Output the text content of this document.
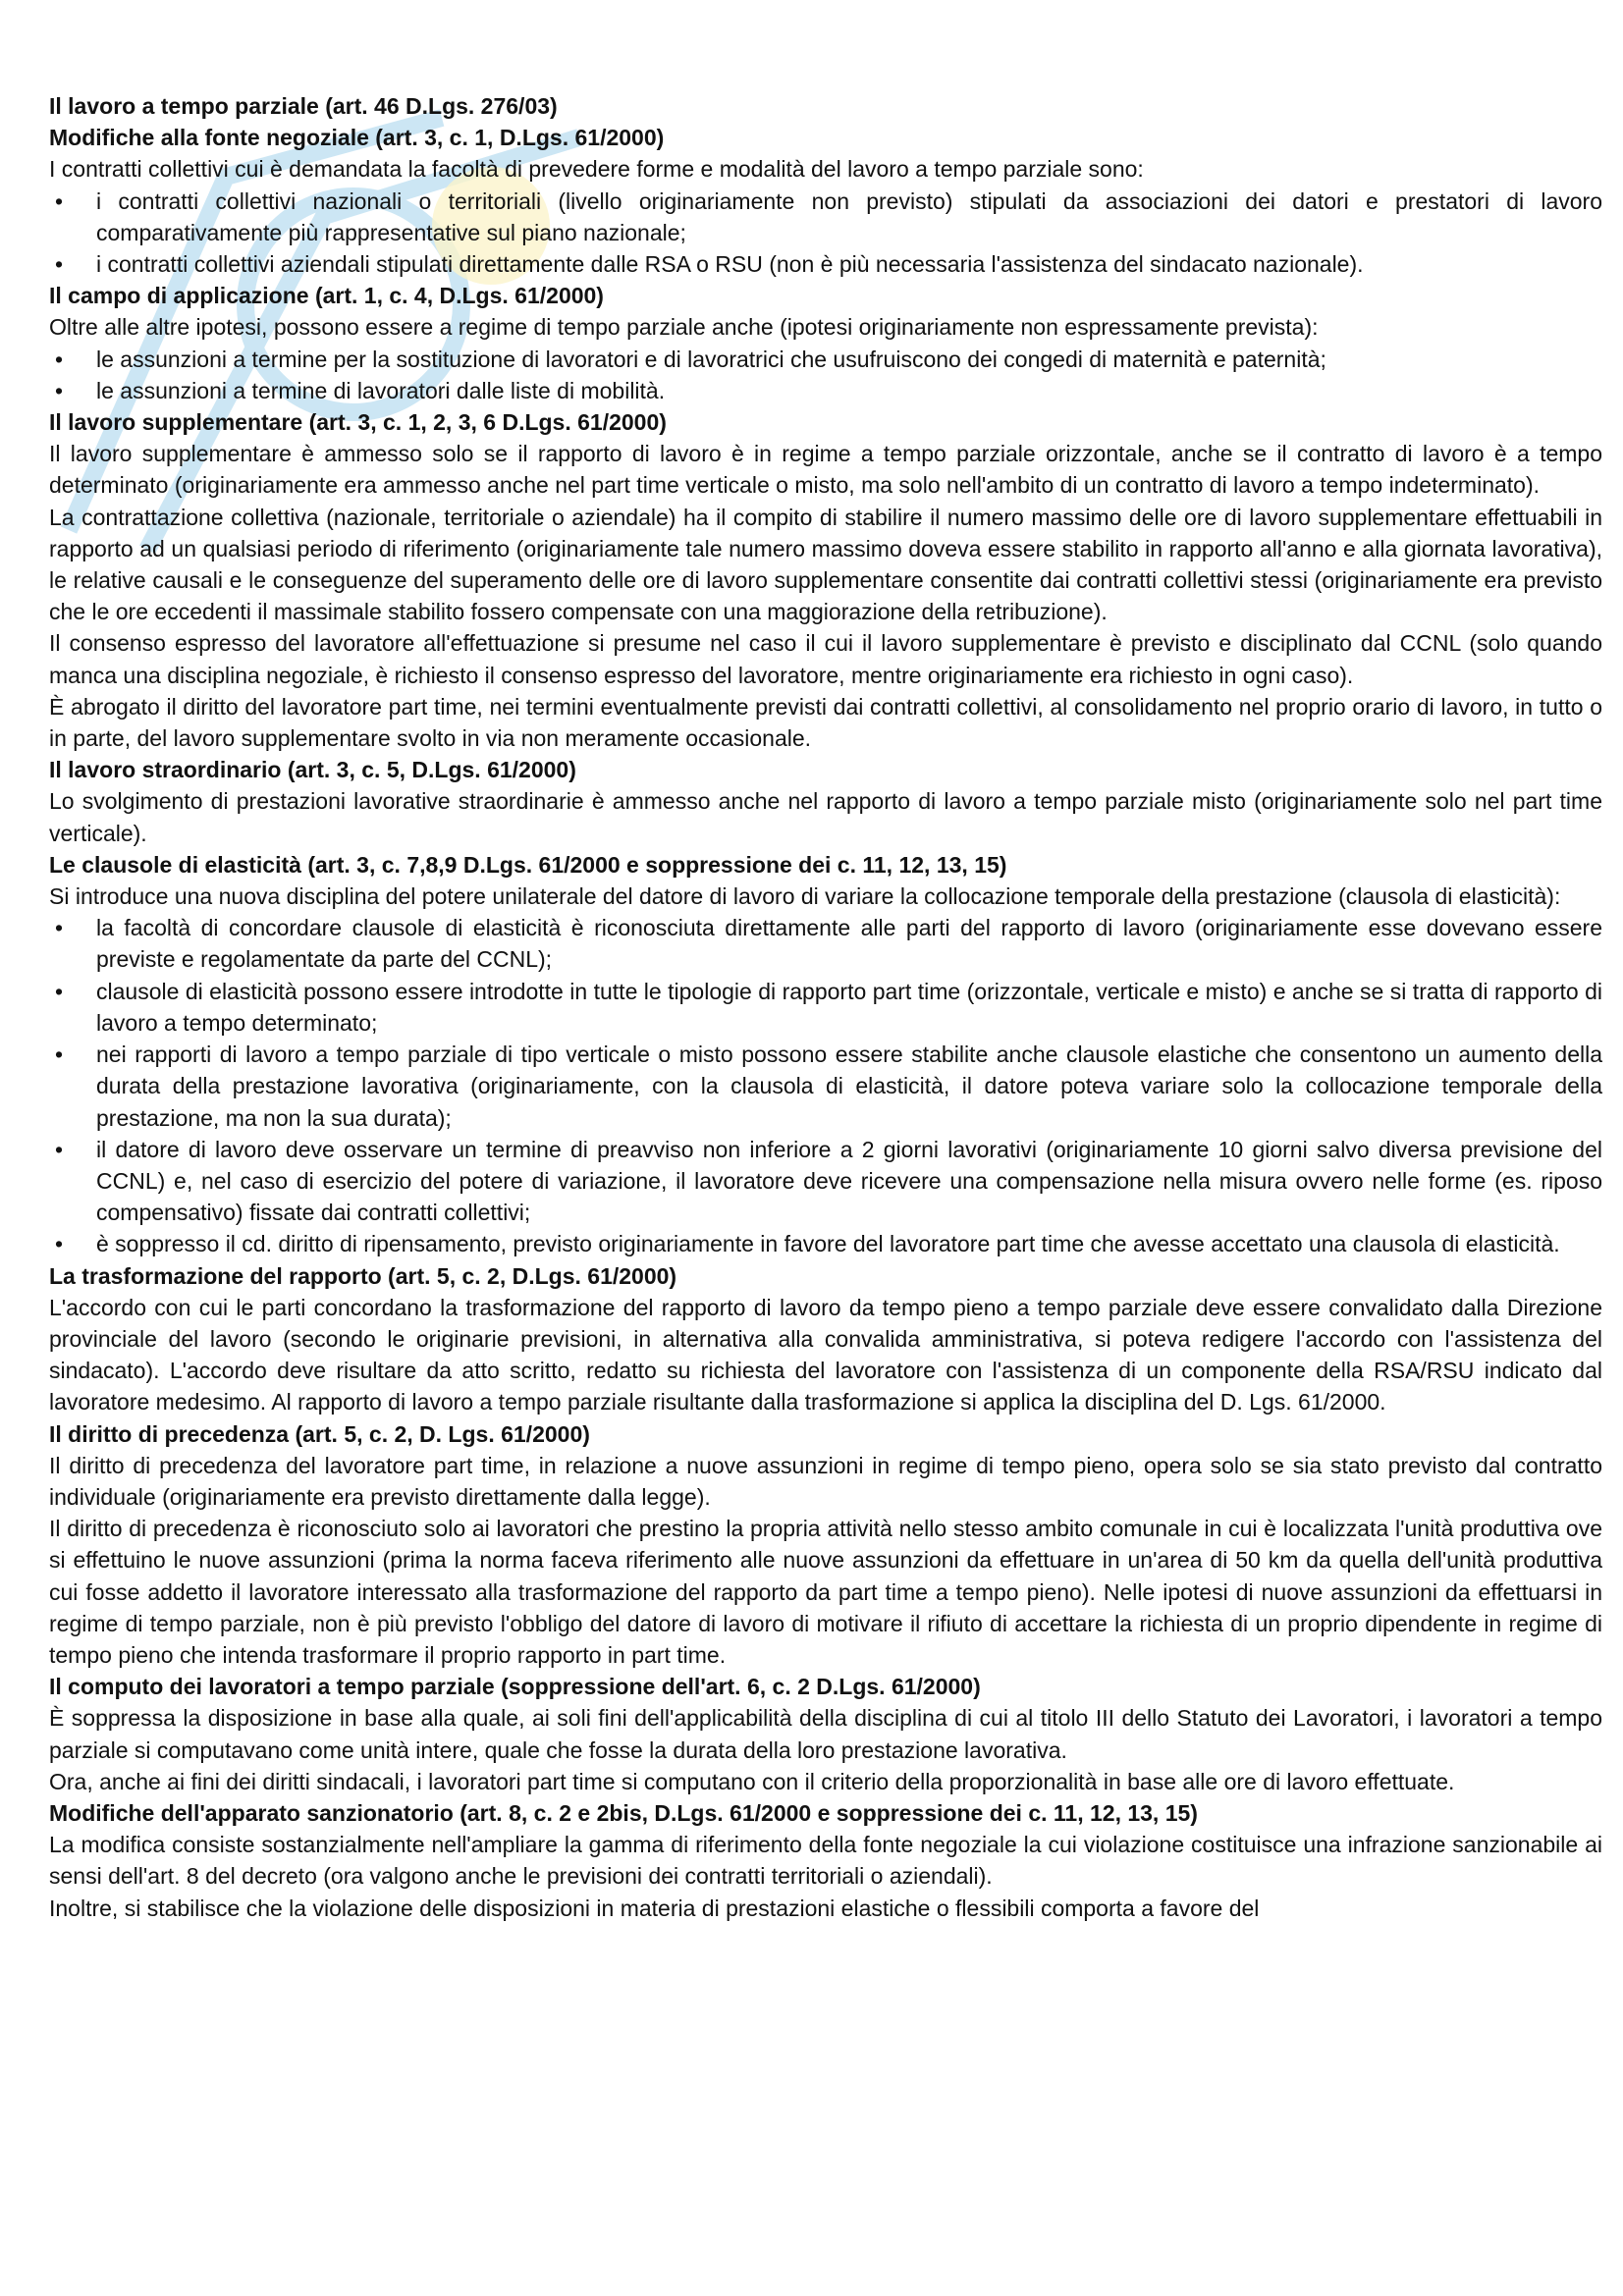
Il lavoro a tempo parziale (art. 46 D.Lgs. 276/03)
Modifiche alla fonte negoziale (art. 3, c. 1, D.Lgs. 61/2000)

I contratti collettivi cui è demandata la facoltà di prevedere forme e modalità del lavoro a tempo parziale sono:

• i contratti collettivi nazionali o territoriali (livello originariamente non previsto) stipulati da associazioni dei datori e prestatori di lavoro comparativamente più rappresentative sul piano nazionale;
• i contratti collettivi aziendali stipulati direttamente dalle RSA o RSU (non è più necessaria l'assistenza del sindacato nazionale).
Il campo di applicazione (art. 1, c. 4, D.Lgs. 61/2000)

Oltre alle altre ipotesi, possono essere a regime di tempo parziale anche (ipotesi originariamente non espressamente prevista):

• le assunzioni a termine per la sostituzione di lavoratori e di lavoratrici che usufruiscono dei congedi di maternità e paternità;
• le assunzioni a termine di lavoratori dalle liste di mobilità.
Il lavoro supplementare (art. 3, c. 1, 2, 3, 6 D.Lgs. 61/2000)

Il lavoro supplementare è ammesso solo se il rapporto di lavoro è in regime a tempo parziale orizzontale, anche se il contratto di lavoro è a tempo determinato (originariamente era ammesso anche nel part time verticale o misto, ma solo nell'ambito di un contratto di lavoro a tempo indeterminato).

La contrattazione collettiva (nazionale, territoriale o aziendale) ha il compito di stabilire il numero massimo delle ore di lavoro supplementare effettuabili in rapporto ad un qualsiasi periodo di riferimento (originariamente tale numero massimo doveva essere stabilito in rapporto all'anno e alla giornata lavorativa), le relative causali e le conseguenze del superamento delle ore di lavoro supplementare consentite dai contratti collettivi stessi (originariamente era previsto che le ore eccedenti il massimale stabilito fossero compensate con una maggiorazione della retribuzione).

Il consenso espresso del lavoratore all'effettuazione si presume nel caso il cui il lavoro supplementare è previsto e disciplinato dal CCNL (solo quando manca una disciplina negoziale, è richiesto il consenso espresso del lavoratore, mentre originariamente era richiesto in ogni caso).

È abrogato il diritto del lavoratore part time, nei termini eventualmente previsti dai contratti collettivi, al consolidamento nel proprio orario di lavoro, in tutto o in parte, del lavoro supplementare svolto in via non meramente occasionale.

Il lavoro straordinario (art. 3, c. 5, D.Lgs. 61/2000)

Lo svolgimento di prestazioni lavorative straordinarie è ammesso anche nel rapporto di lavoro a tempo parziale misto (originariamente solo nel part time verticale).

Le clausole di elasticità (art. 3, c. 7,8,9 D.Lgs. 61/2000 e soppressione dei c. 11, 12, 13, 15)

Si introduce una nuova disciplina del potere unilaterale del datore di lavoro di variare la collocazione temporale della prestazione (clausola di elasticità):

• la facoltà di concordare clausole di elasticità è riconosciuta direttamente alle parti del rapporto di lavoro (originariamente esse dovevano essere previste e regolamentate da parte del CCNL);
• clausole di elasticità possono essere introdotte in tutte le tipologie di rapporto part time (orizzontale, verticale e misto) e anche se si tratta di rapporto di lavoro a tempo determinato;
• nei rapporti di lavoro a tempo parziale di tipo verticale o misto possono essere stabilite anche clausole elastiche che consentono un aumento della durata della prestazione lavorativa (originariamente, con la clausola di elasticità, il datore poteva variare solo la collocazione temporale della prestazione, ma non la sua durata);
• il datore di lavoro deve osservare un termine di preavviso non inferiore a 2 giorni lavorativi (originariamente 10 giorni salvo diversa previsione del CCNL) e, nel caso di esercizio del potere di variazione, il lavoratore deve ricevere una compensazione nella misura ovvero nelle forme (es. riposo compensativo) fissate dai contratti collettivi;
• è soppresso il cd. diritto di ripensamento, previsto originariamente in favore del lavoratore part time che avesse accettato una clausola di elasticità.
La trasformazione del rapporto (art. 5, c. 2, D.Lgs. 61/2000)

L'accordo con cui le parti concordano la trasformazione del rapporto di lavoro da tempo pieno a tempo parziale deve essere convalidato dalla Direzione provinciale del lavoro (secondo le originarie previsioni, in alternativa alla convalida amministrativa, si poteva redigere l'accordo con l'assistenza del sindacato). L'accordo deve risultare da atto scritto, redatto su richiesta del lavoratore con l'assistenza di un componente della RSA/RSU indicato dal lavoratore medesimo. Al rapporto di lavoro a tempo parziale risultante dalla trasformazione si applica la disciplina del D. Lgs. 61/2000.

Il diritto di precedenza (art. 5, c. 2, D. Lgs. 61/2000)

Il diritto di precedenza del lavoratore part time, in relazione a nuove assunzioni in regime di tempo pieno, opera solo se sia stato previsto dal contratto individuale (originariamente era previsto direttamente dalla legge).

Il diritto di precedenza è riconosciuto solo ai lavoratori che prestino la propria attività nello stesso ambito comunale in cui è localizzata l'unità produttiva ove si effettuino le nuove assunzioni (prima la norma faceva riferimento alle nuove assunzioni da effettuare in un'area di 50 km da quella dell'unità produttiva cui fosse addetto il lavoratore interessato alla trasformazione del rapporto da part time a tempo pieno). Nelle ipotesi di nuove assunzioni da effettuarsi in regime di tempo parziale, non è più previsto l'obbligo del datore di lavoro di motivare il rifiuto di accettare la richiesta di un proprio dipendente in regime di tempo pieno che intenda trasformare il proprio rapporto in part time.

Il computo dei lavoratori a tempo parziale (soppressione dell'art. 6, c. 2 D.Lgs. 61/2000)

È soppressa la disposizione in base alla quale, ai soli fini dell'applicabilità della disciplina di cui al titolo III dello Statuto dei Lavoratori, i lavoratori a tempo parziale si computavano come unità intere, quale che fosse la durata della loro prestazione lavorativa.

Ora, anche ai fini dei diritti sindacali, i lavoratori part time si computano con il criterio della proporzionalità in base alle ore di lavoro effettuate.

Modifiche dell'apparato sanzionatorio (art. 8, c. 2 e 2bis, D.Lgs. 61/2000 e soppressione dei c. 11, 12, 13, 15)

La modifica consiste sostanzialmente nell'ampliare la gamma di riferimento della fonte negoziale la cui violazione costituisce una infrazione sanzionabile ai sensi dell'art. 8 del decreto (ora valgono anche le previsioni dei contratti territoriali o aziendali).

Inoltre, si stabilisce che la violazione delle disposizioni in materia di prestazioni elastiche o flessibili comporta a favore del
